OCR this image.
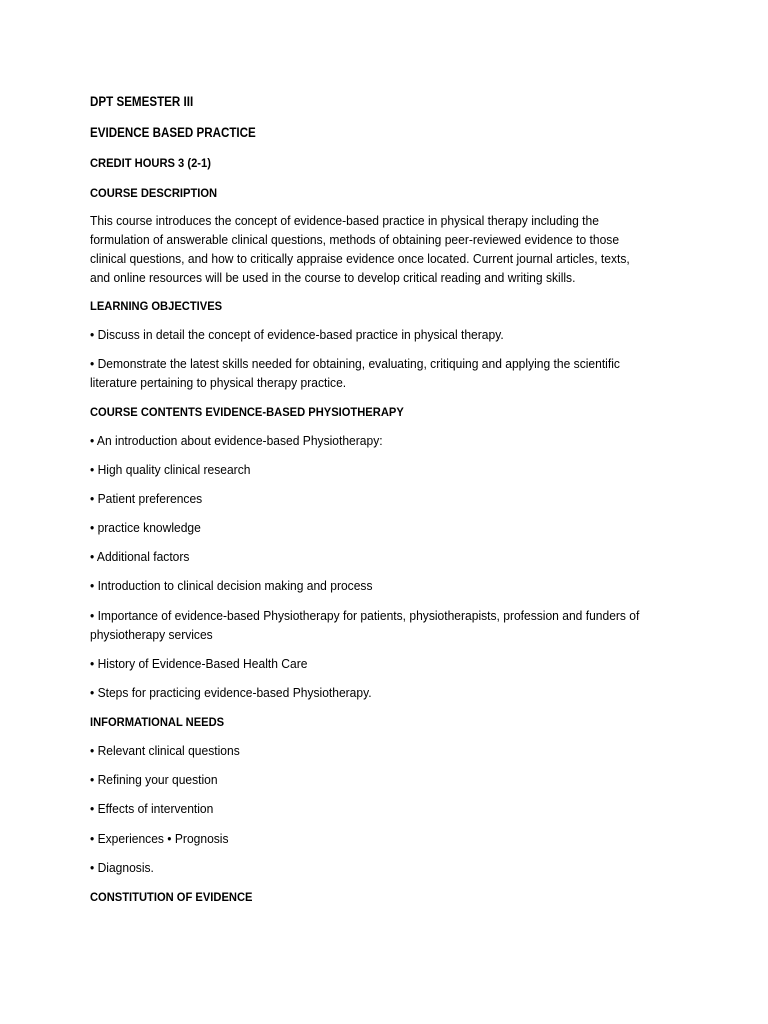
DPT SEMESTER III
EVIDENCE BASED PRACTICE
CREDIT HOURS 3 (2-1)
COURSE DESCRIPTION
This course introduces the concept of evidence-based practice in physical therapy including the
formulation of answerable clinical questions, methods of obtaining peer-reviewed evidence to those
clinical questions, and how to critically appraise evidence once located. Current journal articles, texts,
and online resources will be used in the course to develop critical reading and writing skills.
LEARNING OBJECTIVES
• Discuss in detail the concept of evidence-based practice in physical therapy.
• Demonstrate the latest skills needed for obtaining, evaluating, critiquing and applying the scientific
literature pertaining to physical therapy practice.
COURSE CONTENTS EVIDENCE-BASED PHYSIOTHERAPY
• An introduction about evidence-based Physiotherapy:
• High quality clinical research
• Patient preferences
• practice knowledge
• Additional factors
• Introduction to clinical decision making and process
• Importance of evidence-based Physiotherapy for patients, physiotherapists, profession and funders of
physiotherapy services
• History of Evidence-Based Health Care
• Steps for practicing evidence-based Physiotherapy.
INFORMATIONAL NEEDS
• Relevant clinical questions
• Refining your question
• Effects of intervention
• Experiences • Prognosis
• Diagnosis.
CONSTITUTION OF EVIDENCE
